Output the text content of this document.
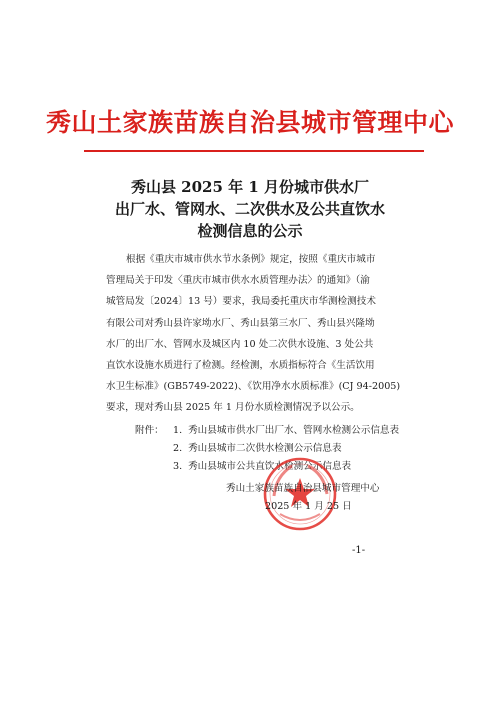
秀山土家族苗族自治县城市管理中心
秀山县 2025 年 1 月份城市供水厂
出厂水、管网水、二次供水及公共直饮水
检测信息的公示
根据《重庆市城市供水节水条例》规定，按照《重庆市城市
管理局关于印发〈重庆市城市供水水质管理办法〉的通知》（渝
城管局发〔2024〕13 号）要求，我局委托重庆市华测检测技术
有限公司对秀山县许家坳水厂、秀山县第三水厂、秀山县兴隆坳
水厂的出厂水、管网水及城区内 10 处二次供水设施、3 处公共
直饮水设施水质进行了检测。经检测，水质指标符合《生活饮用
水卫生标准》(GB5749-2022)、《饮用净水水质标准》(CJ 94-2005)
要求，现对秀山县 2025 年 1 月份水质检测情况予以公示。
附件： 1. 秀山县城市供水厂出厂水、管网水检测公示信息表
2. 秀山县城市二次供水检测公示信息表
3. 秀山县城市公共直饮水检测公示信息表
秀山土家族苗族自治县城市管理中心
2025 年 1 月 25 日
-1-
